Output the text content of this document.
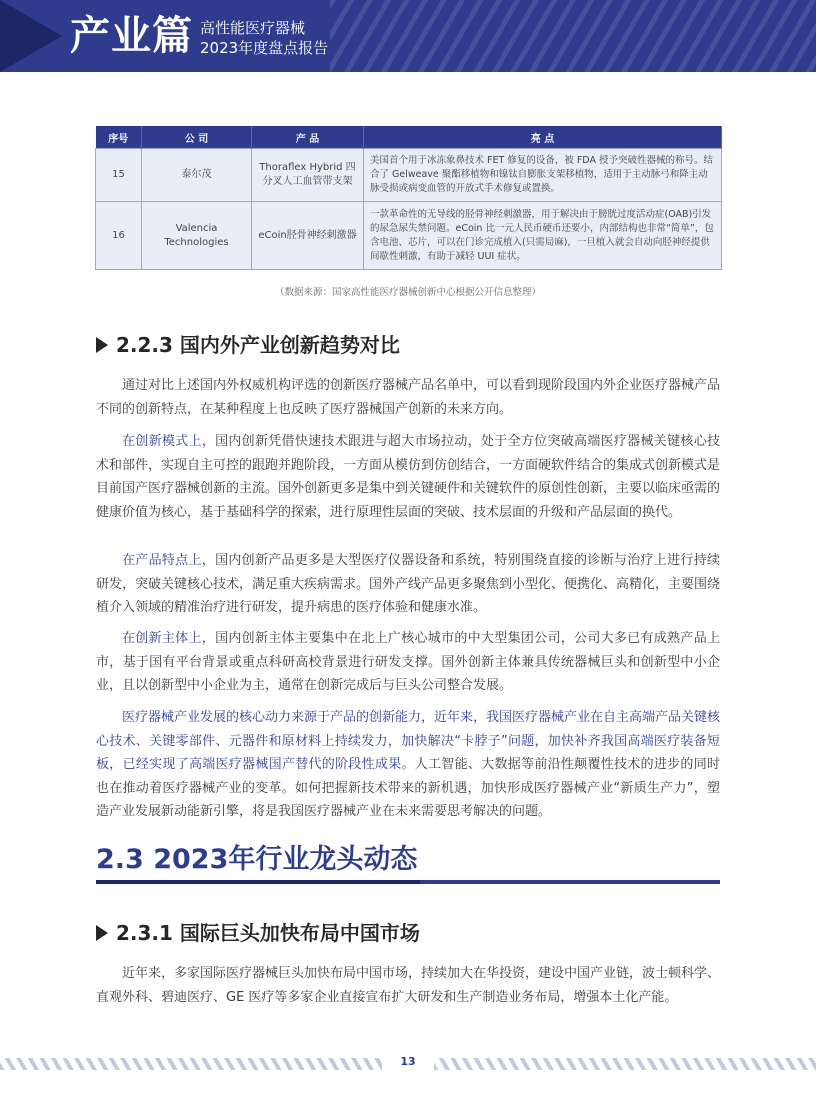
产业篇 高性能医疗器械
2023年度盘点报告
序号	公 司	产 品	亮 点
15	泰尔茂	Thoraflex Hybrid 四分叉人工血管带支架	美国首个用于冰冻象鼻技术 FET 修复的设备，被 FDA 授予突破性器械的称号。结合了 Gelweave 聚酯移植物和镍钛自膨胀支架移植物，适用于主动脉弓和降主动脉受损或病变血管的开放式手术修复或置换。
16	Valencia Technologies	eCoin胫骨神经刺激器	一款革命性的无导线的胫骨神经刺激器，用于解决由于膀胱过度活动症(OAB)引发的尿急尿失禁问题。eCoin 比一元人民币硬币还要小，内部结构也非常“简单”，包含电池、芯片，可以在门诊完成植入(只需局麻)，一旦植入就会自动向胫神经提供间歇性刺激，有助于减轻 UUI 症状。
（数据来源：国家高性能医疗器械创新中心根据公开信息整理）
2.2.3 国内外产业创新趋势对比
通过对比上述国内外权威机构评选的创新医疗器械产品名单中，可以看到现阶段国内外企业医疗器械产品不同的创新特点，在某种程度上也反映了医疗器械国产创新的未来方向。
在创新模式上，国内创新凭借快速技术跟进与超大市场拉动，处于全方位突破高端医疗器械关键核心技术和部件，实现自主可控的跟跑并跑阶段，一方面从模仿到仿创结合，一方面硬软件结合的集成式创新模式是目前国产医疗器械创新的主流。国外创新更多是集中到关键硬件和关键软件的原创性创新，主要以临床亟需的健康价值为核心，基于基础科学的探索，进行原理性层面的突破、技术层面的升级和产品层面的换代。
在产品特点上，国内创新产品更多是大型医疗仪器设备和系统，特别围绕直接的诊断与治疗上进行持续研发，突破关键核心技术，满足重大疾病需求。国外产线产品更多聚焦到小型化、便携化、高精化，主要围绕植介入领域的精准治疗进行研发，提升病患的医疗体验和健康水准。
在创新主体上，国内创新主体主要集中在北上广核心城市的中大型集团公司，公司大多已有成熟产品上市，基于国有平台背景或重点科研高校背景进行研发支撑。国外创新主体兼具传统器械巨头和创新型中小企业，且以创新型中小企业为主，通常在创新完成后与巨头公司整合发展。
医疗器械产业发展的核心动力来源于产品的创新能力，近年来，我国医疗器械产业在自主高端产品关键核心技术、关键零部件、元器件和原材料上持续发力，加快解决“卡脖子”问题，加快补齐我国高端医疗装备短板，已经实现了高端医疗器械国产替代的阶段性成果。人工智能、大数据等前沿性颠覆性技术的进步的同时也在推动着医疗器械产业的变革。如何把握新技术带来的新机遇，加快形成医疗器械产业“新质生产力”，塑造产业发展新动能新引擎，将是我国医疗器械产业在未来需要思考解决的问题。
2.3 2023年行业龙头动态
2.3.1 国际巨头加快布局中国市场
近年来，多家国际医疗器械巨头加快布局中国市场，持续加大在华投资，建设中国产业链，波士顿科学、直观外科、碧迪医疗、GE 医疗等多家企业直接宣布扩大研发和生产制造业务布局，增强本土化产能。
13
